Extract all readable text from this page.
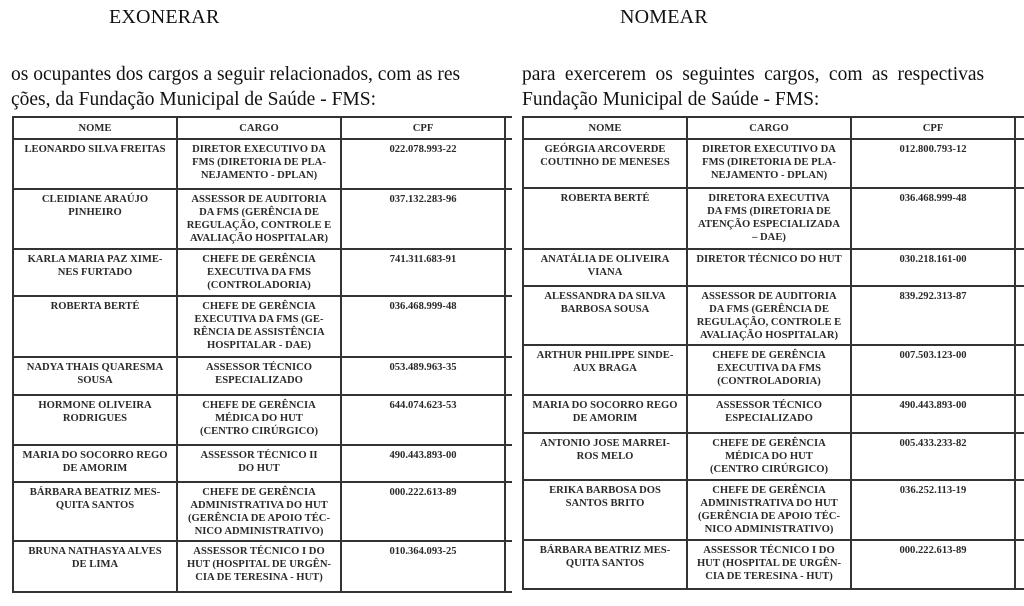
EXONERAR
os ocupantes dos cargos a seguir relacionados, com as res
ções, da Fundação Municipal de Saúde - FMS:
NOME	CARGO	CPF	

LEONARDO SILVA FREITAS	DIRETOR EXECUTIVO DA
FMS (DIRETORIA DE PLA-
NEJAMENTO - DPLAN)	022.078.993-22	

CLEIDIANE ARAÚJO
PINHEIRO	ASSESSOR DE AUDITORIA
DA FMS (GERÊNCIA DE
REGULAÇÃO, CONTROLE E
AVALIAÇÃO HOSPITALAR)	037.132.283-96	

KARLA MARIA PAZ XIME-
NES FURTADO	CHEFE DE GERÊNCIA
EXECUTIVA DA FMS
(CONTROLADORIA)	741.311.683-91	

ROBERTA BERTÉ	CHEFE DE GERÊNCIA
EXECUTIVA DA FMS (GE-
RÊNCIA DE ASSISTÊNCIA
HOSPITALAR - DAE)	036.468.999-48	

NADYA THAIS QUARESMA
SOUSA	ASSESSOR TÉCNICO
ESPECIALIZADO	053.489.963-35	

HORMONE OLIVEIRA
RODRIGUES	CHEFE DE GERÊNCIA
MÉDICA DO HUT
(CENTRO CIRÚRGICO)	644.074.623-53	

MARIA DO SOCORRO REGO
DE AMORIM	ASSESSOR TÉCNICO II
DO HUT	490.443.893-00	

BÁRBARA BEATRIZ MES-
QUITA SANTOS	CHEFE DE GERÊNCIA
ADMINISTRATIVA DO HUT
(GERÊNCIA DE APOIO TÉC-
NICO ADMINISTRATIVO)	000.222.613-89	

BRUNA NATHASYA ALVES
DE LIMA	ASSESSOR TÉCNICO I DO
HUT (HOSPITAL DE URGÊN-
CIA DE TERESINA - HUT)	010.364.093-25	
NOMEAR
para exercerem os seguintes cargos, com as respectivas
Fundação Municipal de Saúde - FMS:
NOME	CARGO	CPF	

GEÓRGIA ARCOVERDE
COUTINHO DE MENESES	DIRETOR EXECUTIVO DA
FMS (DIRETORIA DE PLA-
NEJAMENTO - DPLAN)	012.800.793-12	

ROBERTA BERTÉ	DIRETORA EXECUTIVA
DA FMS (DIRETORIA DE
ATENÇÃO ESPECIALIZADA
– DAE)	036.468.999-48	

ANATÁLIA DE OLIVEIRA
VIANA	DIRETOR TÉCNICO DO HUT	030.218.161-00	

ALESSANDRA DA SILVA
BARBOSA SOUSA	ASSESSOR DE AUDITORIA
DA FMS (GERÊNCIA DE
REGULAÇÃO, CONTROLE E
AVALIAÇÃO HOSPITALAR)	839.292.313-87	

ARTHUR PHILIPPE SINDE-
AUX BRAGA	CHEFE DE GERÊNCIA
EXECUTIVA DA FMS
(CONTROLADORIA)	007.503.123-00	

MARIA DO SOCORRO REGO
DE AMORIM	ASSESSOR TÉCNICO
ESPECIALIZADO	490.443.893-00	

ANTONIO JOSE MARREI-
ROS MELO	CHEFE DE GERÊNCIA
MÉDICA DO HUT
(CENTRO CIRÚRGICO)	005.433.233-82	

ERIKA BARBOSA DOS
SANTOS BRITO	CHEFE DE GERÊNCIA
ADMINISTRATIVA DO HUT
(GERÊNCIA DE APOIO TÉC-
NICO ADMINISTRATIVO)	036.252.113-19	

BÁRBARA BEATRIZ MES-
QUITA SANTOS	ASSESSOR TÉCNICO I DO
HUT (HOSPITAL DE URGÊN-
CIA DE TERESINA - HUT)	000.222.613-89	
